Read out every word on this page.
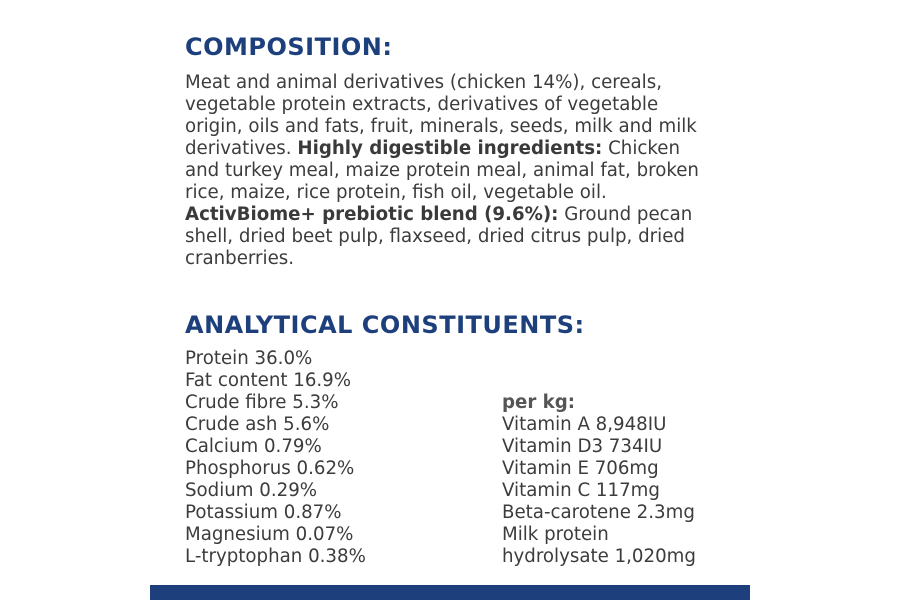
COMPOSITION:
Meat and animal derivatives (chicken 14%), cereals, vegetable protein extracts, derivatives of vegetable origin, oils and fats, fruit, minerals, seeds, milk and milk derivatives. Highly digestible ingredients: Chicken and turkey meal, maize protein meal, animal fat, broken rice, maize, rice protein, fish oil, vegetable oil. ActivBiome+ prebiotic blend (9.6%): Ground pecan shell, dried beet pulp, flaxseed, dried citrus pulp, dried cranberries.
ANALYTICAL CONSTITUENTS:
Protein 36.0%
Fat content 16.9%
Crude fibre 5.3%
Crude ash 5.6%
Calcium 0.79%
Phosphorus 0.62%
Sodium 0.29%
Potassium 0.87%
Magnesium 0.07%
L-tryptophan 0.38%
per kg:
Vitamin A 8,948IU
Vitamin D3 734IU
Vitamin E 706mg
Vitamin C 117mg
Beta-carotene 2.3mg
Milk protein
hydrolysate 1,020mg
